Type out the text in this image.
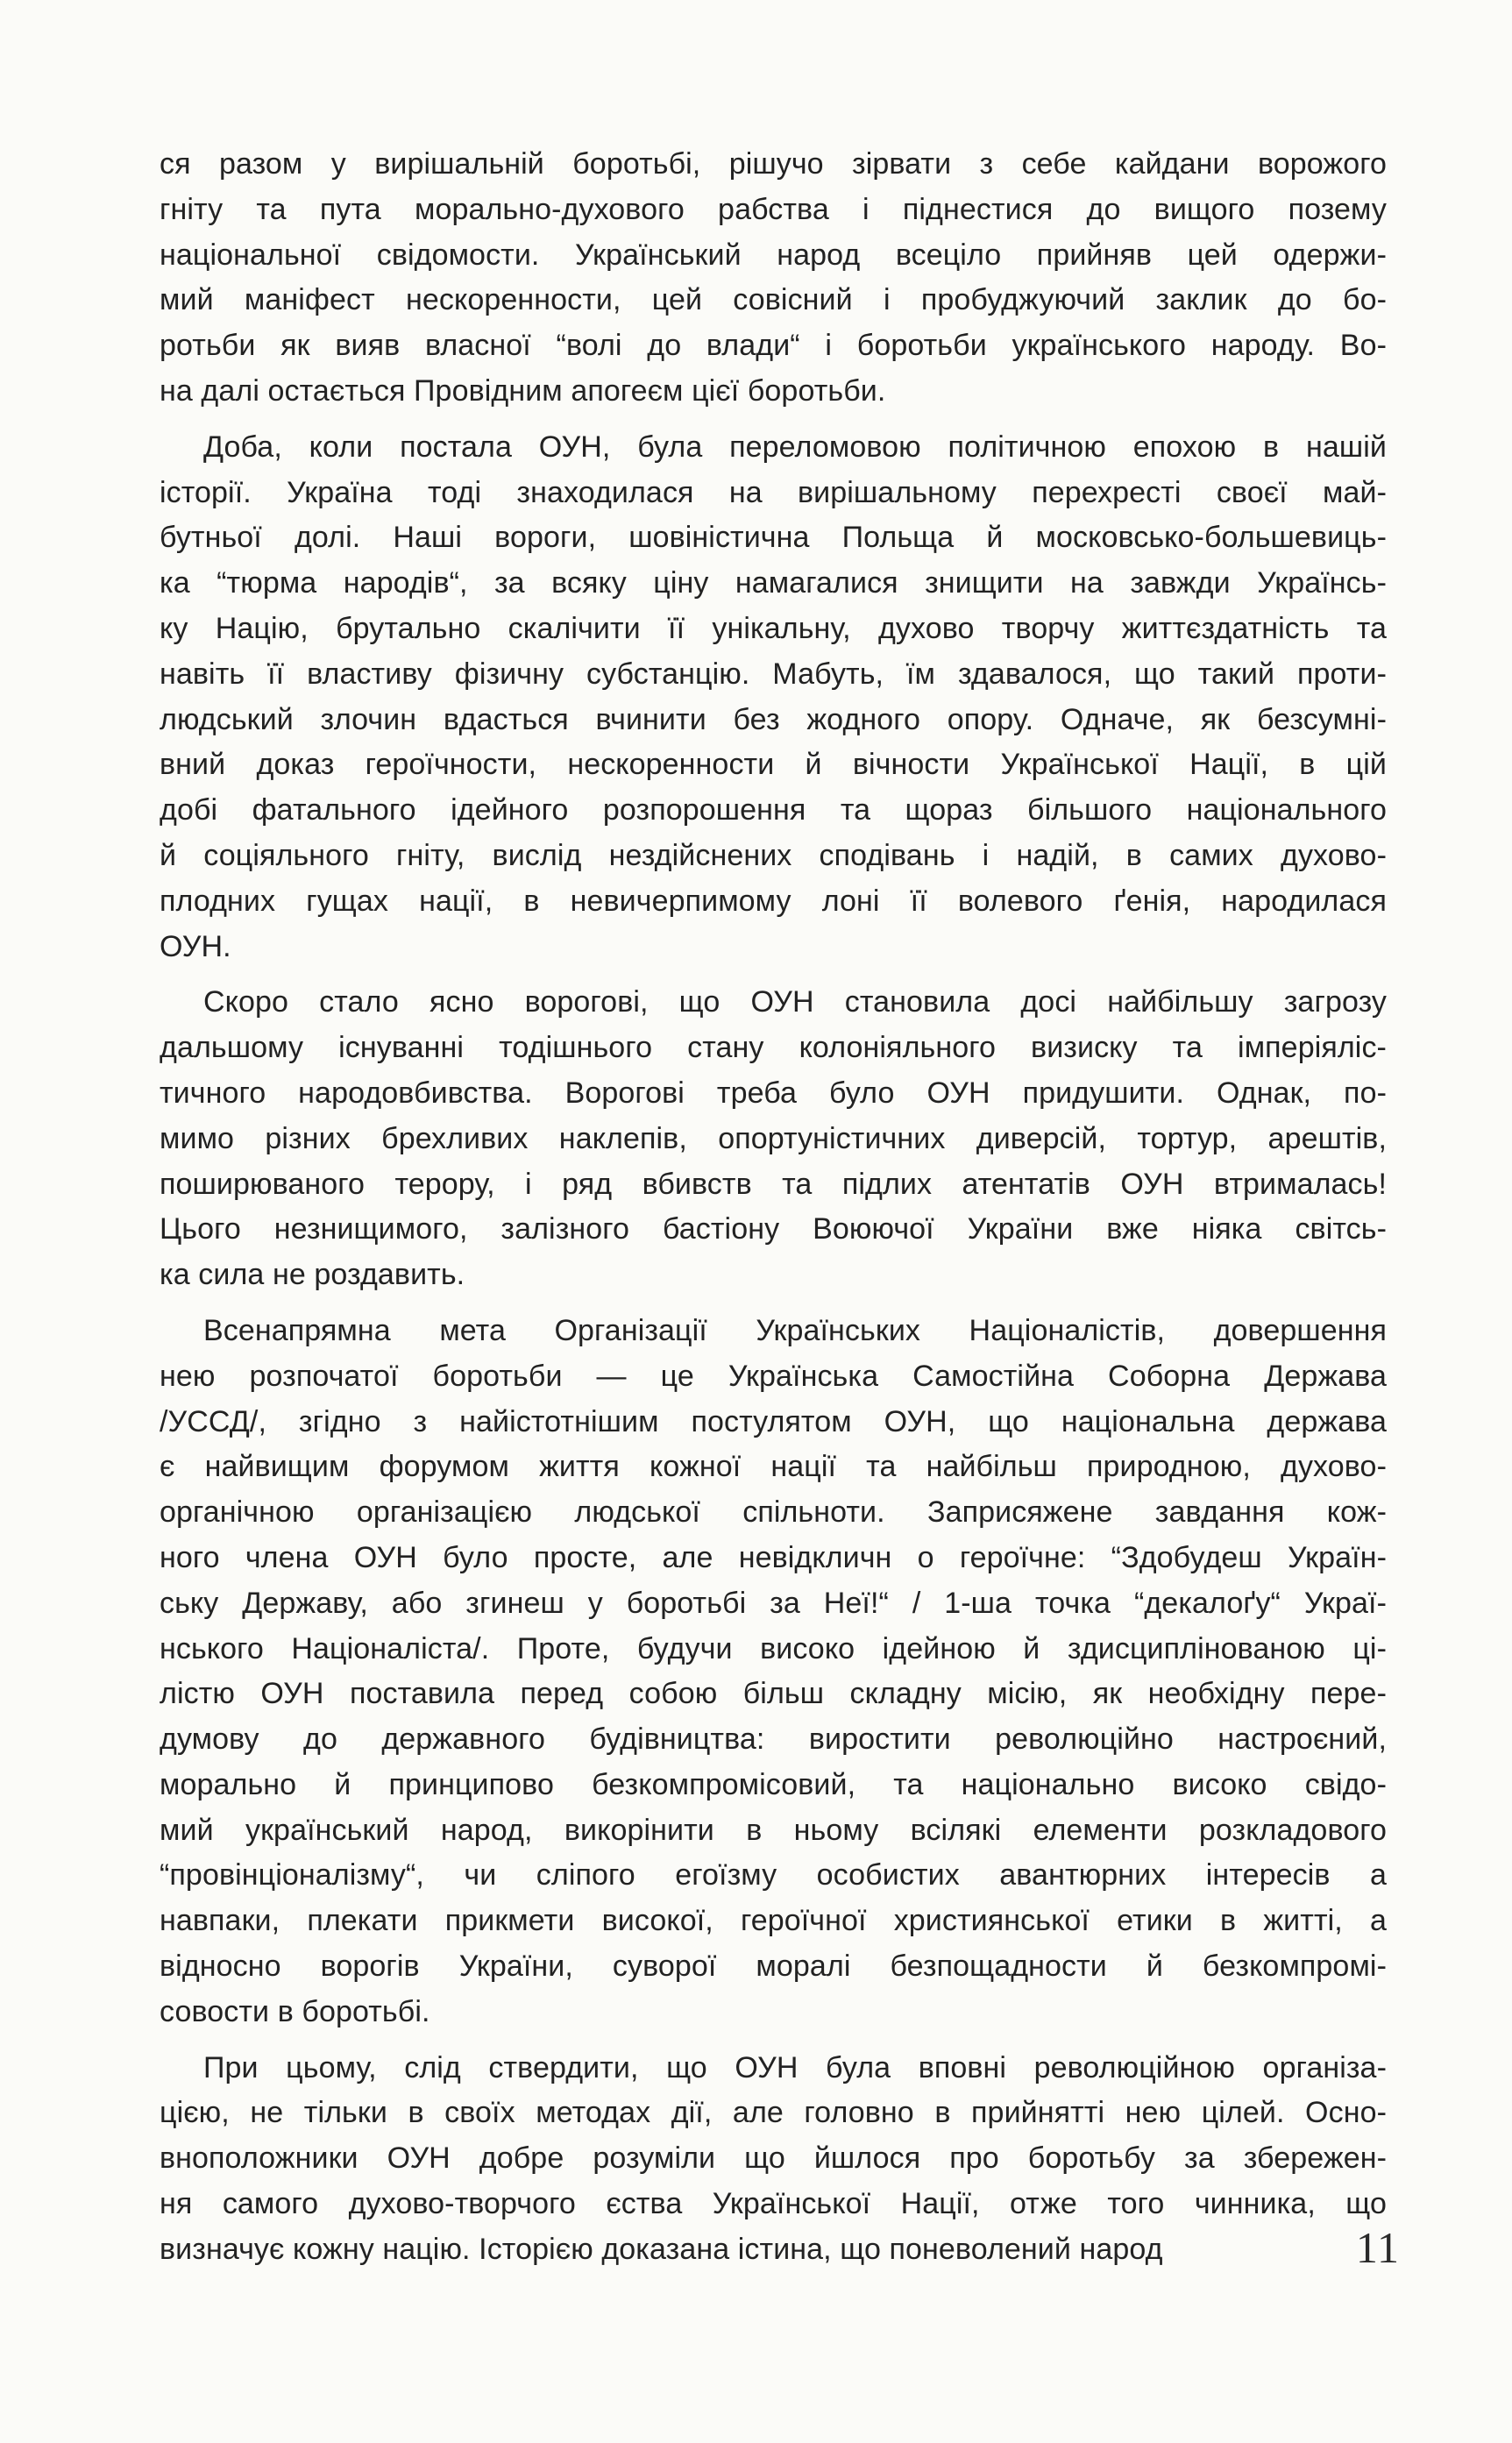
ся разом у вирішальній боротьбі, рішучо зірвати з себе кайдани ворожого
гніту та пута морально-духового рабства і піднестися до вищого позему
національної свідомости. Український народ всеціло прийняв цей одержи-
мий маніфест нескоренности, цей совісний і пробуджуючий заклик до бо-
ротьби як вияв власної “волі до влади“ і боротьби українського народу. Во-
на далі остається Провідним апогеєм цієї боротьби.
Доба, коли постала ОУН, була переломовою політичною епохою в нашій
історії. Україна тоді знаходилася на вирішальному перехресті своєї май-
бутньої долі. Наші вороги, шовіністична Польща й московсько-большевиць-
ка “тюрма народів“, за всяку ціну намагалися знищити на завжди Українсь-
ку Націю, брутально скалічити її унікальну, духово творчу життєздатність та
навіть її властиву фізичну субстанцію. Мабуть, їм здавалося, що такий проти-
людський злочин вдасться вчинити без жодного опору. Одначе, як безсумні-
вний доказ героїчности, нескоренности й вічности Української Нації, в цій
добі фатального ідейного розпорошення та щораз більшого національного
й соціяльного гніту, вислід нездійснених сподівань і надій, в самих духово-
плодних гущах нації, в невичерпимому лоні її волевого ґенія, народилася
ОУН.
Скоро стало ясно ворогові, що ОУН становила досі найбільшу загрозу
дальшому існуванні тодішнього стану колоніяльного визиску та імперіяліс-
тичного народовбивства. Ворогові треба було ОУН придушити. Однак, по-
мимо різних брехливих наклепів, опортуністичних диверсій, тортур, арештів,
поширюваного терору, і ряд вбивств та підлих атентатів ОУН втрималась!
Цього незнищимого, залізного бастіону Воюючої України вже ніяка світсь-
ка сила не роздавить.
Всенапрямна мета Організації Українських Націоналістів, довершення
нею розпочатої боротьби — це Українська Самостійна Соборна Держава
/УССД/, згідно з найістотнішим постулятом ОУН, що національна держава
є найвищим форумом життя кожної нації та найбільш природною, духово-
органічною організацією людської спільноти. Заприсяжене завдання кож-
ного члена ОУН було просте, але невідкличн о героїчне: “Здобудеш Україн-
ську Державу, або згинеш у боротьбі за Неї!“ / 1-ша точка “декалоґу“ Украї-
нського Націоналіста/. Проте, будучи високо ідейною й здисциплінованою ці-
лістю ОУН поставила перед собою більш складну місію, як необхідну пере-
думову до державного будівництва: виростити революційно настроєний,
морально й принципово безкомпромісовий, та національно високо свідо-
мий український народ, викорінити в ньому всілякі елементи розкладового
“провінціоналізму“, чи сліпого егоїзму особистих авантюрних інтересів а
навпаки, плекати прикмети високої, героїчної християнської етики в житті, а
відносно ворогів України, суворої моралі безпощадности й безкомпромі-
совости в боротьбі.
При цьому, слід ствердити, що ОУН була вповні революційною організа-
цією, не тільки в своїх методах дії, але головно в прийнятті нею цілей. Осно-
вноположники ОУН добре розуміли що йшлося про боротьбу за збережен-
ня самого духово-творчого єства Української Нації, отже того чинника, що
визначує кожну націю. Історією доказана істина, що поневолений народ	11
